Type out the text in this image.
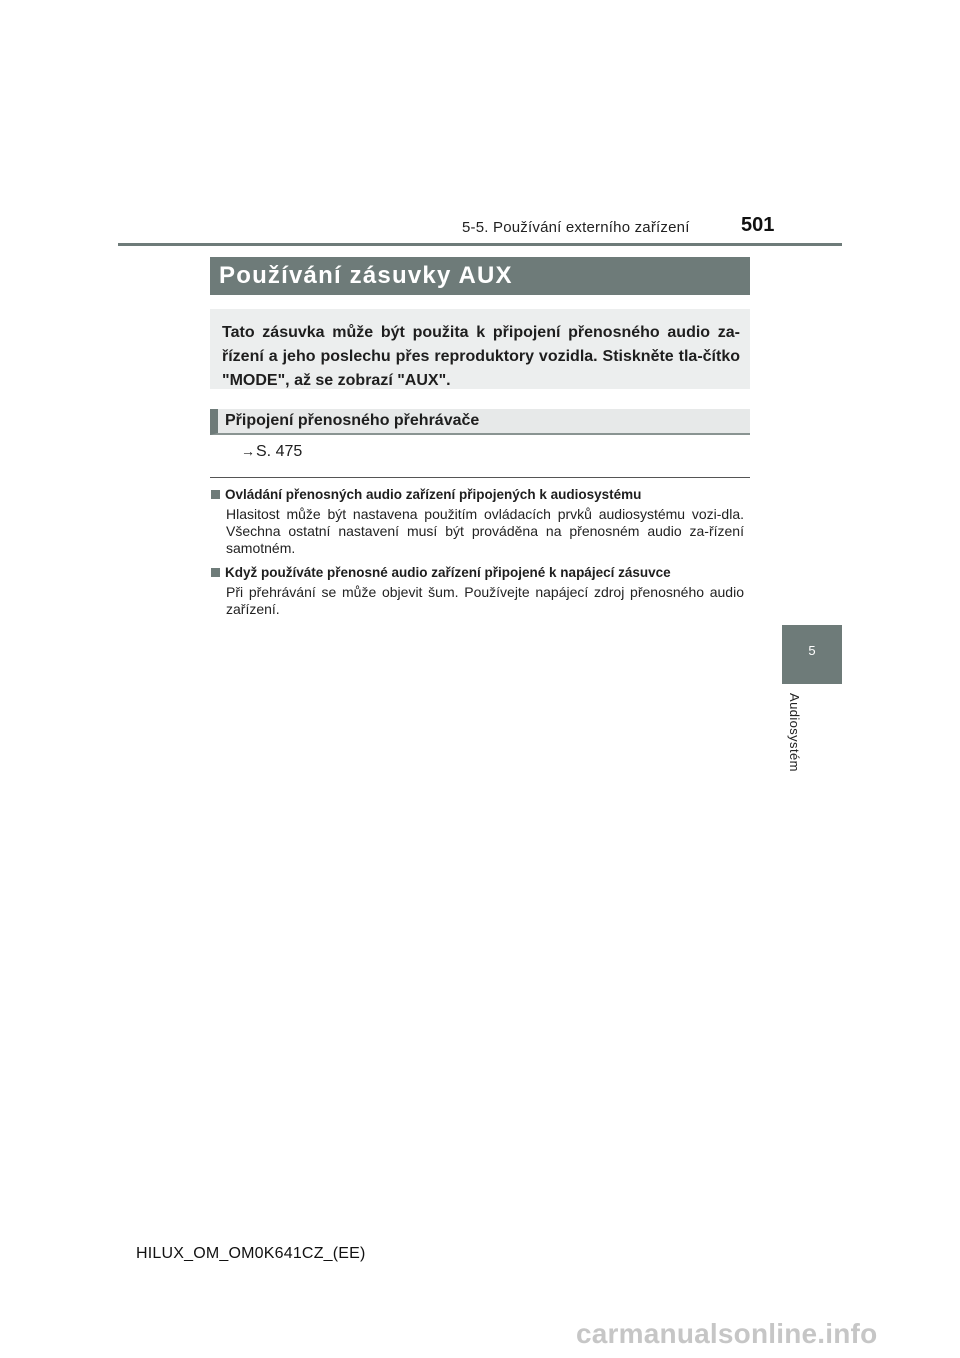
5-5. Používání externího zařízení	501
Používání zásuvky AUX
Tato zásuvka může být použita k připojení přenosného audio za-řízení a jeho poslechu přes reproduktory vozidla. Stiskněte tla-čítko "MODE", až se zobrazí "AUX".
Připojení přenosného přehrávače
→S. 475
Ovládání přenosných audio zařízení připojených k audiosystému
Hlasitost může být nastavena použitím ovládacích prvků audiosystému vozi-dla. Všechna ostatní nastavení musí být prováděna na přenosném audio za-řízení samotném.
Když používáte přenosné audio zařízení připojené k napájecí zásuvce
Při přehrávání se může objevit šum. Používejte napájecí zdroj přenosného audio zařízení.
5
Audiosystém
HILUX_OM_OM0K641CZ_(EE)
carmanualsonline.info
